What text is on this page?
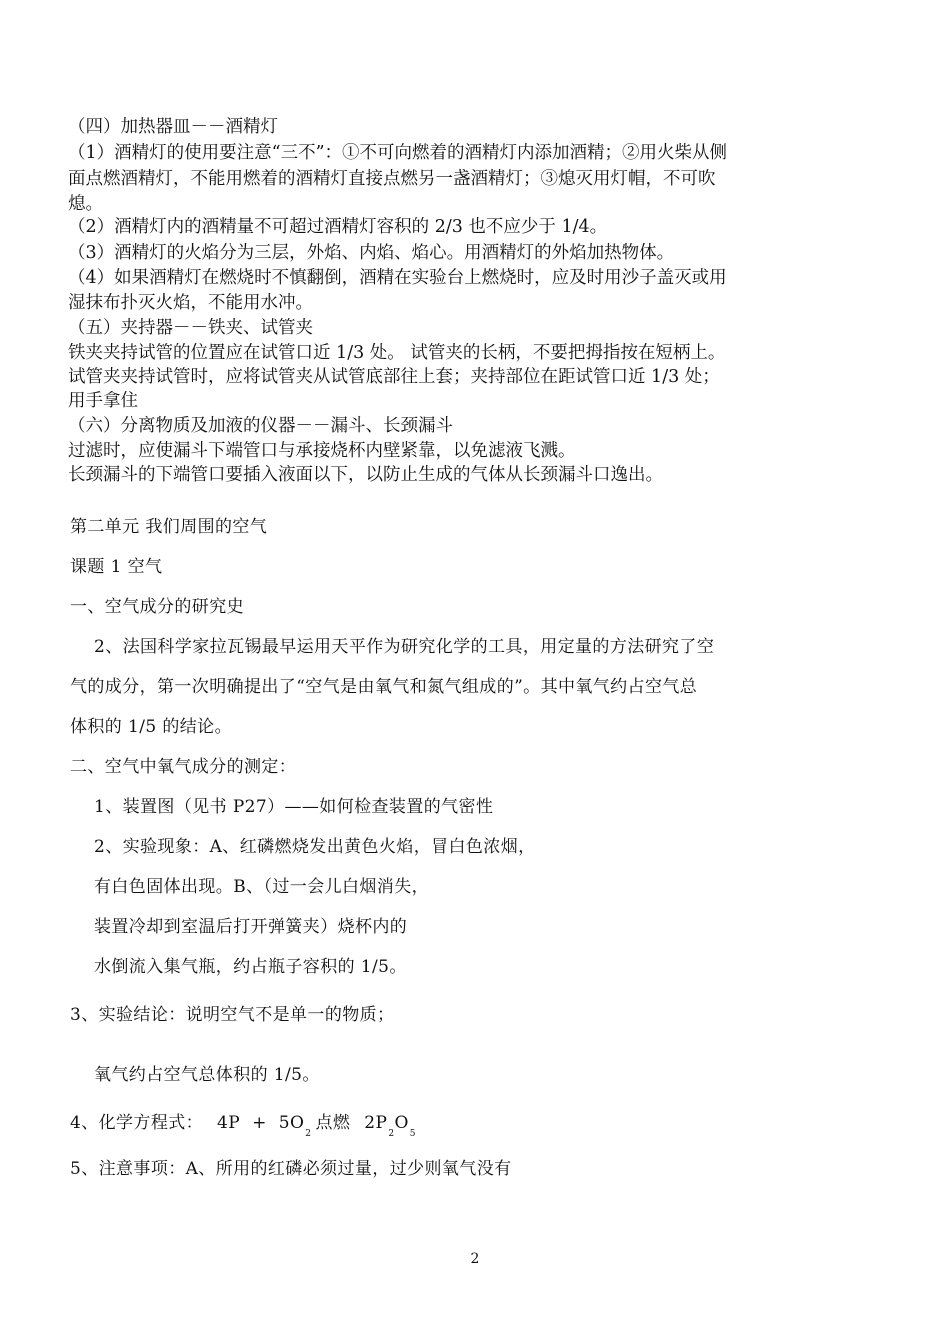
（四）加热器皿－－酒精灯
（1）酒精灯的使用要注意“三不”：①不可向燃着的酒精灯内添加酒精；②用火柴从侧
面点燃酒精灯，不能用燃着的酒精灯直接点燃另一盏酒精灯；③熄灭用灯帽，不可吹
熄。
（2）酒精灯内的酒精量不可超过酒精灯容积的 2/3 也不应少于 1/4。
（3）酒精灯的火焰分为三层，外焰、内焰、焰心。用酒精灯的外焰加热物体。
（4）如果酒精灯在燃烧时不慎翻倒，酒精在实验台上燃烧时，应及时用沙子盖灭或用
湿抹布扑灭火焰，不能用水冲。
（五）夹持器－－铁夹、试管夹
铁夹夹持试管的位置应在试管口近 1/3 处。 试管夹的长柄，不要把拇指按在短柄上。
试管夹夹持试管时，应将试管夹从试管底部往上套；夹持部位在距试管口近 1/3 处；
用手拿住
（六）分离物质及加液的仪器－－漏斗、长颈漏斗
过滤时，应使漏斗下端管口与承接烧杯内壁紧靠，以免滤液飞溅。
长颈漏斗的下端管口要插入液面以下，以防止生成的气体从长颈漏斗口逸出。
第二单元 我们周围的空气
课题 1 空气
一、空气成分的研究史
2、法国科学家拉瓦锡最早运用天平作为研究化学的工具，用定量的方法研究了空
气的成分，第一次明确提出了“空气是由氧气和氮气组成的”。其中氧气约占空气总
体积的 1/5 的结论。
二、空气中氧气成分的测定：
1、装置图（见书 P27）——如何检查装置的气密性
2、实验现象：A、红磷燃烧发出黄色火焰，冒白色浓烟，
有白色固体出现。B、（过一会儿白烟消失，
装置冷却到室温后打开弹簧夹）烧杯内的
水倒流入集气瓶，约占瓶子容积的 1/5。
3、实验结论：说明空气不是单一的物质；
氧气约占空气总体积的 1/5。
4、化学方程式： $4P + 5O_2$点燃 $2P_2O_5$
5、注意事项：A、所用的红磷必须过量，过少则氧气没有
2
